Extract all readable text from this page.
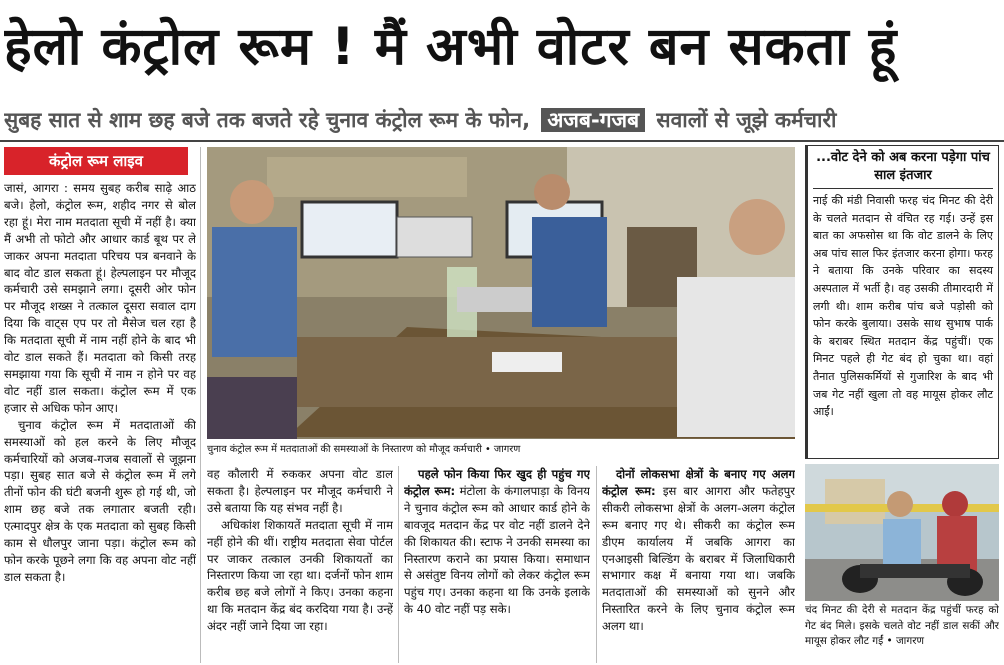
हेलो कंट्रोल रूम ! मैं अभी वोटर बन सकता हूं
सुबह सात से शाम छह बजे तक बजते रहे चुनाव कंट्रोल रूम के फोन, अजब-गजब सवालों से जूझे कर्मचारी
कंट्रोल रूम लाइव

जासं, आगरा : समय सुबह करीब साढ़े आठ बजे। हेलो, कंट्रोल रूम, शहीद नगर से बोल रहा हूं। मेरा नाम मतदाता सूची में नहीं है। क्या मैं अभी तो फोटो और आधार कार्ड बूथ पर ले जाकर अपना मतदाता परिचय पत्र बनवाने के बाद वोट डाल सकता हूं। हेल्पलाइन पर मौजूद कर्मचारी उसे समझाने लगा। दूसरी ओर फोन पर मौजूद शख्स ने तत्काल दूसरा सवाल दाग दिया कि वाट्स एप पर तो मैसेज चल रहा है कि मतदाता सूची में नाम नहीं होने के बाद भी वोट डाल सकते हैं। मतदाता को किसी तरह समझाया गया कि सूची में नाम न होने पर वह वोट नहीं डाल सकता। कंट्रोल रूम में एक हजार से अधिक फोन आए।

चुनाव कंट्रोल रूम में मतदाताओं की समस्याओं को हल करने के लिए मौजूद कर्मचारियों को अजब-गजब सवालों से जूझना पड़ा। सुबह सात बजे से कंट्रोल रूम में लगे तीनों फोन की घंटी बजनी शुरू हो गई थी, जो शाम छह बजे तक लगातार बजती रही। एत्मादपुर क्षेत्र के एक मतदाता को सुबह किसी काम से धौलपुर जाना पड़ा। कंट्रोल रूम को फोन करके पूछने लगा कि वह अपना वोट नहीं डाल सकता है।

चुनाव कंट्रोल रूम में मतदाताओं की समस्याओं के निस्तारण को मौजूद कर्मचारी • जागरण

वह कौलारी में रुककर अपना वोट डाल सकता है। हेल्पलाइन पर मौजूद कर्मचारी ने उसे बताया कि यह संभव नहीं है।

अधिकांश शिकायतें मतदाता सूची में नाम नहीं होने की थीं। राष्ट्रीय मतदाता सेवा पोर्टल पर जाकर तत्काल उनकी शिकायतों का निस्तारण किया जा रहा था। दर्जनों फोन शाम करीब छह बजे लोगों ने किए। उनका कहना था कि मतदान केंद्र बंद करदिया गया है। उन्हें अंदर नहीं जाने दिया जा रहा।

पहले फोन किया फिर खुद ही पहुंच गए कंट्रोल रूम: मंटोला के कंगालपाड़ा के विनय ने चुनाव कंट्रोल रूम को आधार कार्ड होने के बावजूद मतदान केंद्र पर वोट नहीं डालने देने की शिकायत की। स्टाफ ने उनकी समस्या का निस्तारण कराने का प्रयास किया। समाधान से असंतुष्ट विनय लोगों को लेकर कंट्रोल रूम पहुंच गए। उनका कहना था कि उनके इलाके के 40 वोट नहीं पड़ सके।

दोनों लोकसभा क्षेत्रों के बनाए गए अलग कंट्रोल रूम: इस बार आगरा और फतेहपुर सीकरी लोकसभा क्षेत्रों के अलग-अलग कंट्रोल रूम बनाए गए थे। सीकरी का कंट्रोल रूम डीएम कार्यालय में जबकि आगरा का एनआइसी बिल्डिंग के बराबर में जिलाधिकारी सभागार कक्ष में बनाया गया था। जबकि मतदाताओं की समस्याओं को सुनने और निस्तारित करने के लिए चुनाव कंट्रोल रूम अलग था।

...वोट देने को अब करना पड़ेगा पांच साल इंतजार
नाई की मंडी निवासी फरह चंद मिनट की देरी के चलते मतदान से वंचित रह गई। उन्हें इस बात का अफसोस था कि वोट डालने के लिए अब पांच साल फिर इंतजार करना होगा। फरह ने बताया कि उनके परिवार का सदस्य अस्पताल में भर्ती है। वह उसकी तीमारदारी में लगी थी। शाम करीब पांच बजे पड़ोसी को फोन करके बुलाया। उसके साथ सुभाष पार्क के बराबर स्थित मतदान केंद्र पहुंचीं। एक मिनट पहले ही गेट बंद हो चुका था। वहां तैनात पुलिसकर्मियों से गुजारिश के बाद भी जब गेट नहीं खुला तो वह मायूस होकर लौट आईं।
चंद मिनट की देरी से मतदान केंद्र पहुंचीं फरह को गेट बंद मिले। इसके चलते वोट नहीं डाल सकीं और मायूस होकर लौट गईं • जागरण
